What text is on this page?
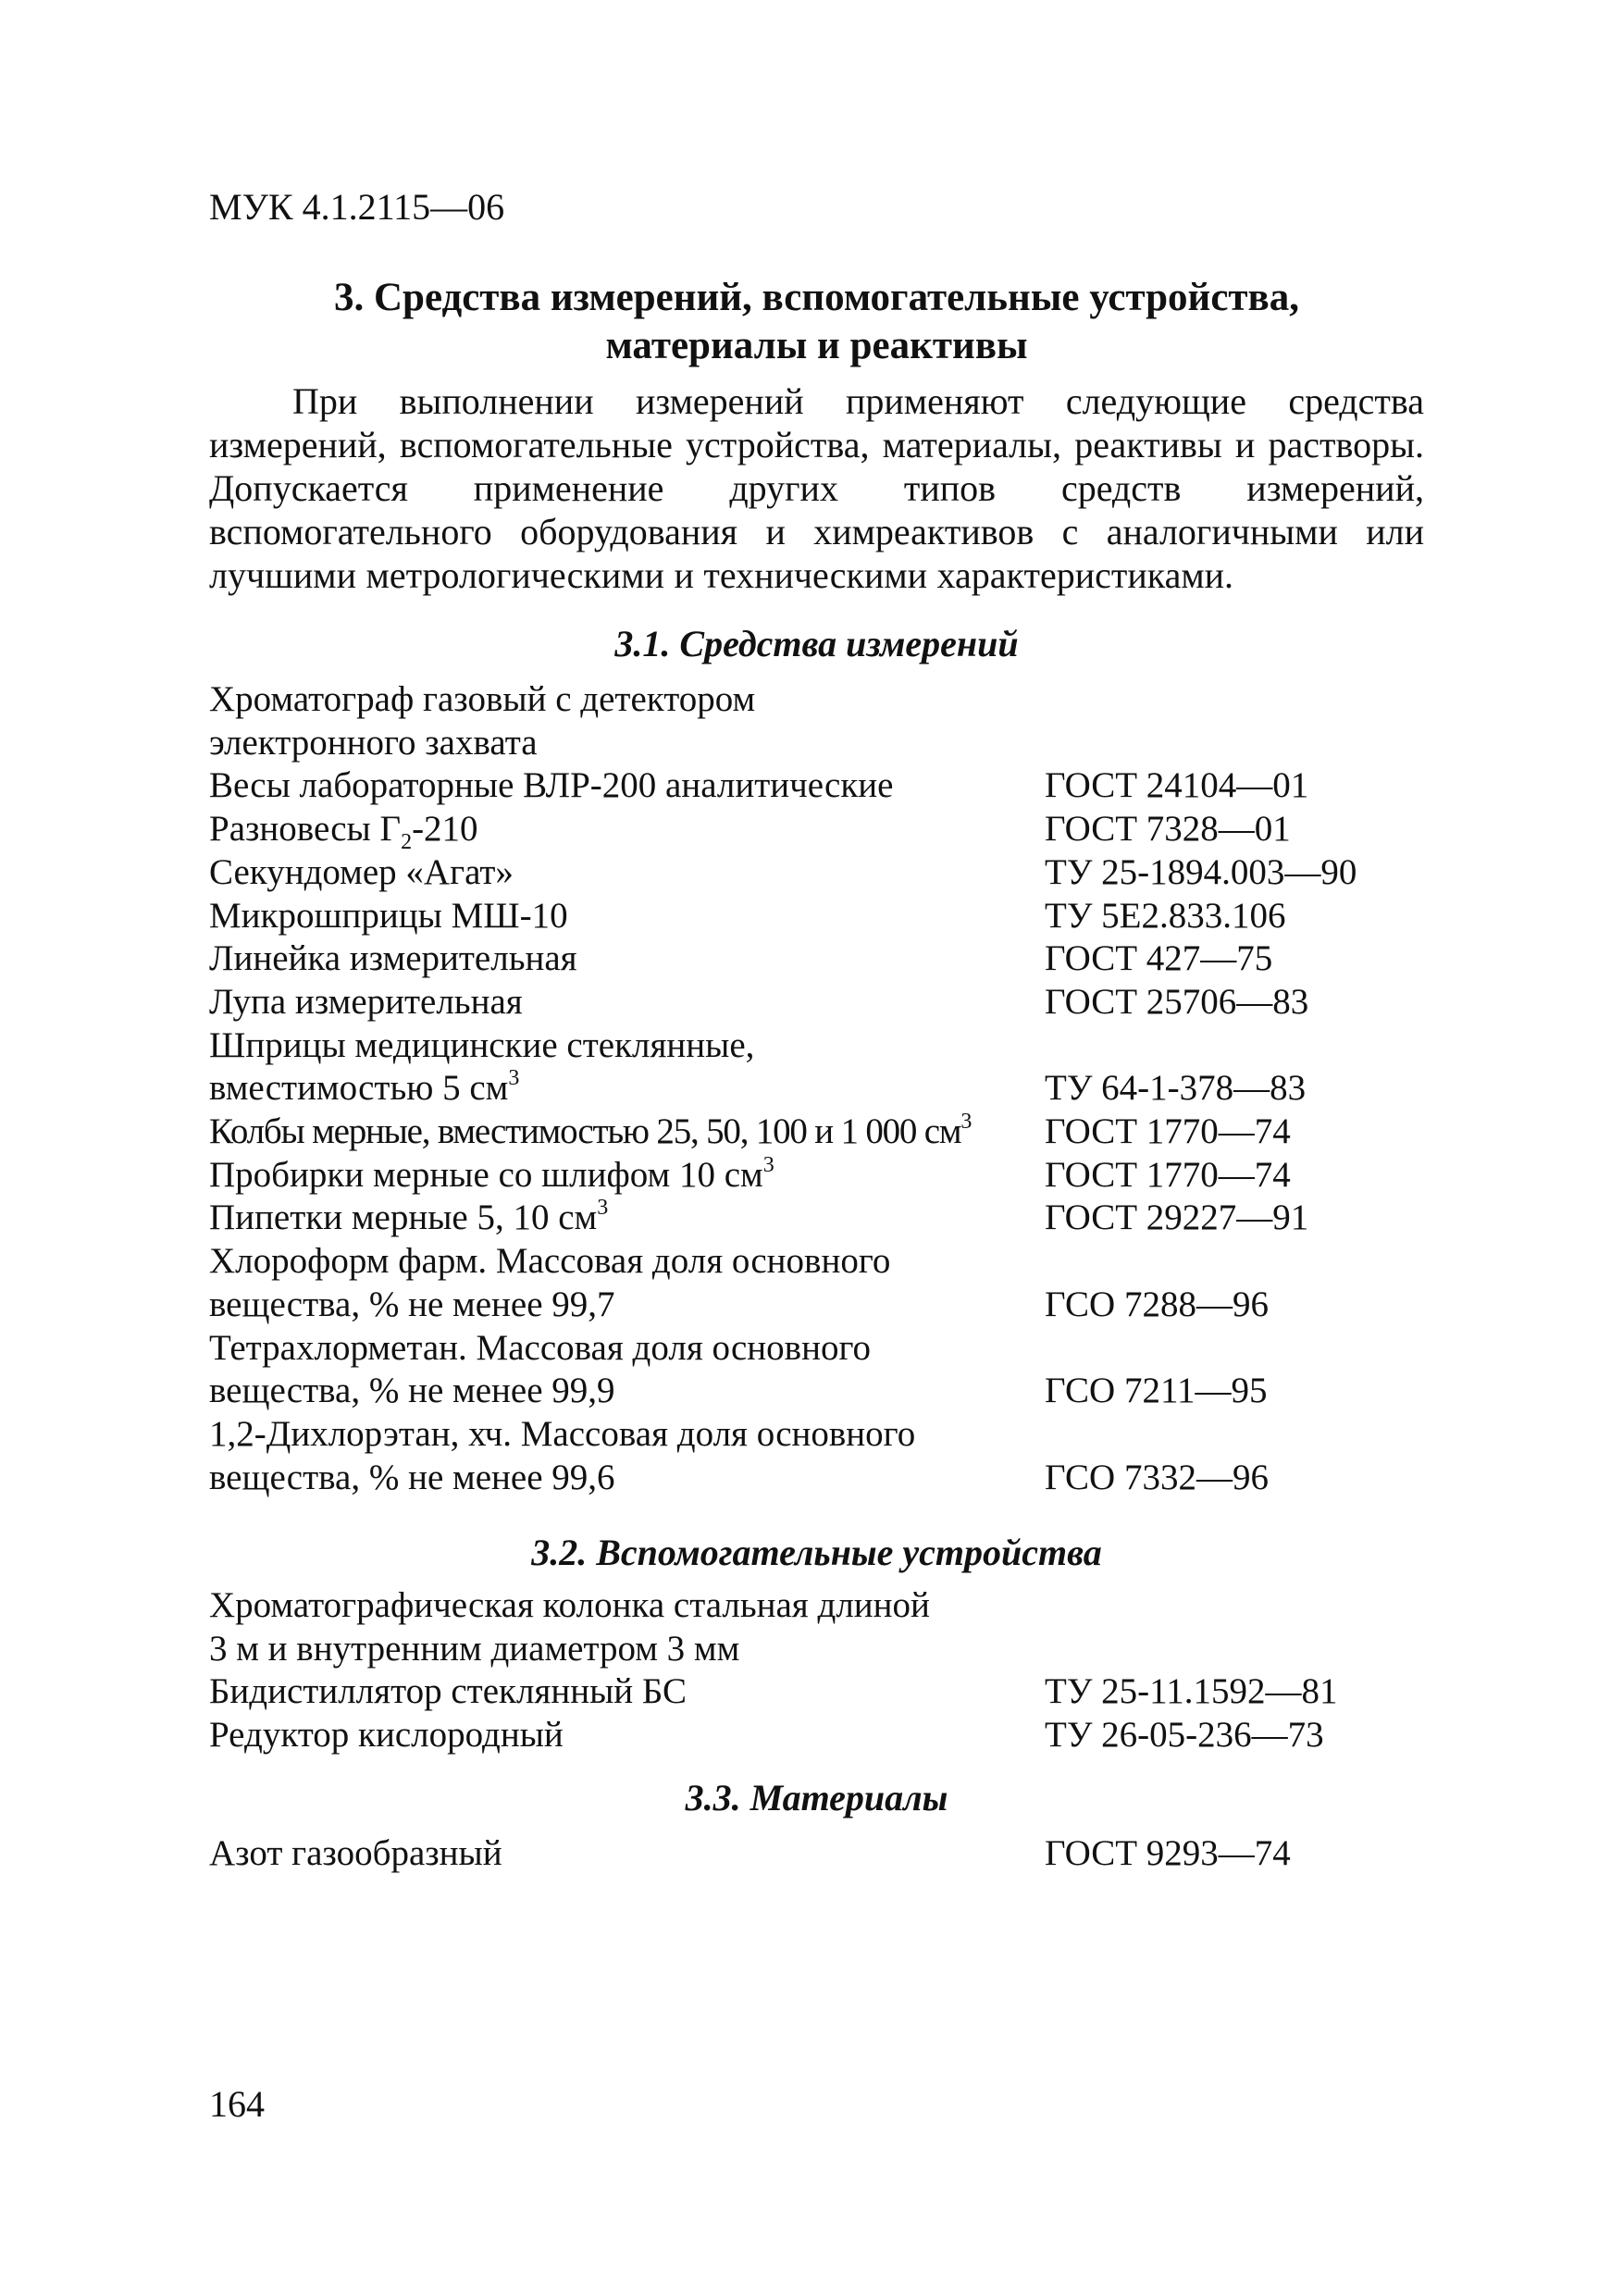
МУК 4.1.2115—06
3. Средства измерений, вспомогательные устройства,
материалы и реактивы
При выполнении измерений применяют следующие средства измерений, вспомогательные устройства, материалы, реактивы и растворы. Допускается применение других типов средств измерений, вспомогательного оборудования и химреактивов с аналогичными или лучшими метрологическими и техническими характеристиками.
3.1. Средства измерений
Хроматограф газовый с детектором
электронного захвата
Весы лабораторные ВЛР-200 аналитические	ГОСТ 24104—01
Разновесы $Г_2-210$	ГОСТ 7328—01
Секундомер «Агат»	ТУ 25-1894.003—90
Микрошприцы МШ-10	ТУ 5Е2.833.106
Линейка измерительная	ГОСТ 427—75
Лупа измерительная	ГОСТ 25706—83
Шприцы медицинские стеклянные,
вместимостью 5 $см^3$	ТУ 64-1-378—83
Колбы мерные, вместимостью 25, 50, 100 и 1 000 $см^3$	ГОСТ 1770—74
Пробирки мерные со шлифом 10 $см^3$	ГОСТ 1770—74
Пипетки мерные 5, 10 $см^3$	ГОСТ 29227—91
Хлороформ фарм. Массовая доля основного
вещества, % не менее 99,7	ГСО 7288—96
Тетрахлорметан. Массовая доля основного
вещества, % не менее 99,9	ГСО 7211—95
1,2-Дихлорэтан, хч. Массовая доля основного
вещества, % не менее 99,6	ГСО 7332—96
3.2. Вспомогательные устройства
Хроматографическая колонка стальная длиной
3 м и внутренним диаметром 3 мм
Бидистиллятор стеклянный БС	ТУ 25-11.1592—81
Редуктор кислородный	ТУ 26-05-236—73
3.3. Материалы
Азот газообразный	ГОСТ 9293—74
164
